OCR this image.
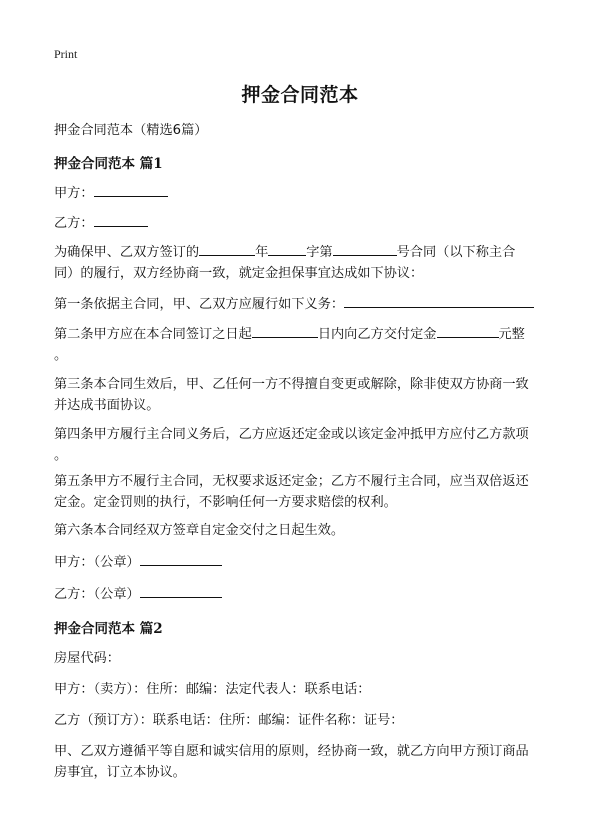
Print
押金合同范本

押金合同范本（精选6篇）

押金合同范本 篇1

甲方：

乙方：

为确保甲、乙双方签订的	年	字第	号合同（以下称主合
同）的履行，双方经协商一致，就定金担保事宜达成如下协议：

第一条依据主合同，甲、乙双方应履行如下义务：

第二条甲方应在本合同签订之日起	日内向乙方交付定金	元整
。

第三条本合同生效后，甲、乙任何一方不得擅自变更或解除，除非使双方协商一致
并达成书面协议。

第四条甲方履行主合同义务后，乙方应返还定金或以该定金冲抵甲方应付乙方款项
。

第五条甲方不履行主合同，无权要求返还定金；乙方不履行主合同，应当双倍返还
定金。定金罚则的执行，不影响任何一方要求赔偿的权利。

第六条本合同经双方签章自定金交付之日起生效。

甲方：（公章）

乙方：（公章）

押金合同范本 篇2

房屋代码：

甲方：（卖方）：住所：邮编：法定代表人：联系电话：

乙方（预订方）：联系电话：住所：邮编：证件名称：证号：

甲、乙双方遵循平等自愿和诚实信用的原则，经协商一致，就乙方向甲方预订商品
房事宜，订立本协议。
